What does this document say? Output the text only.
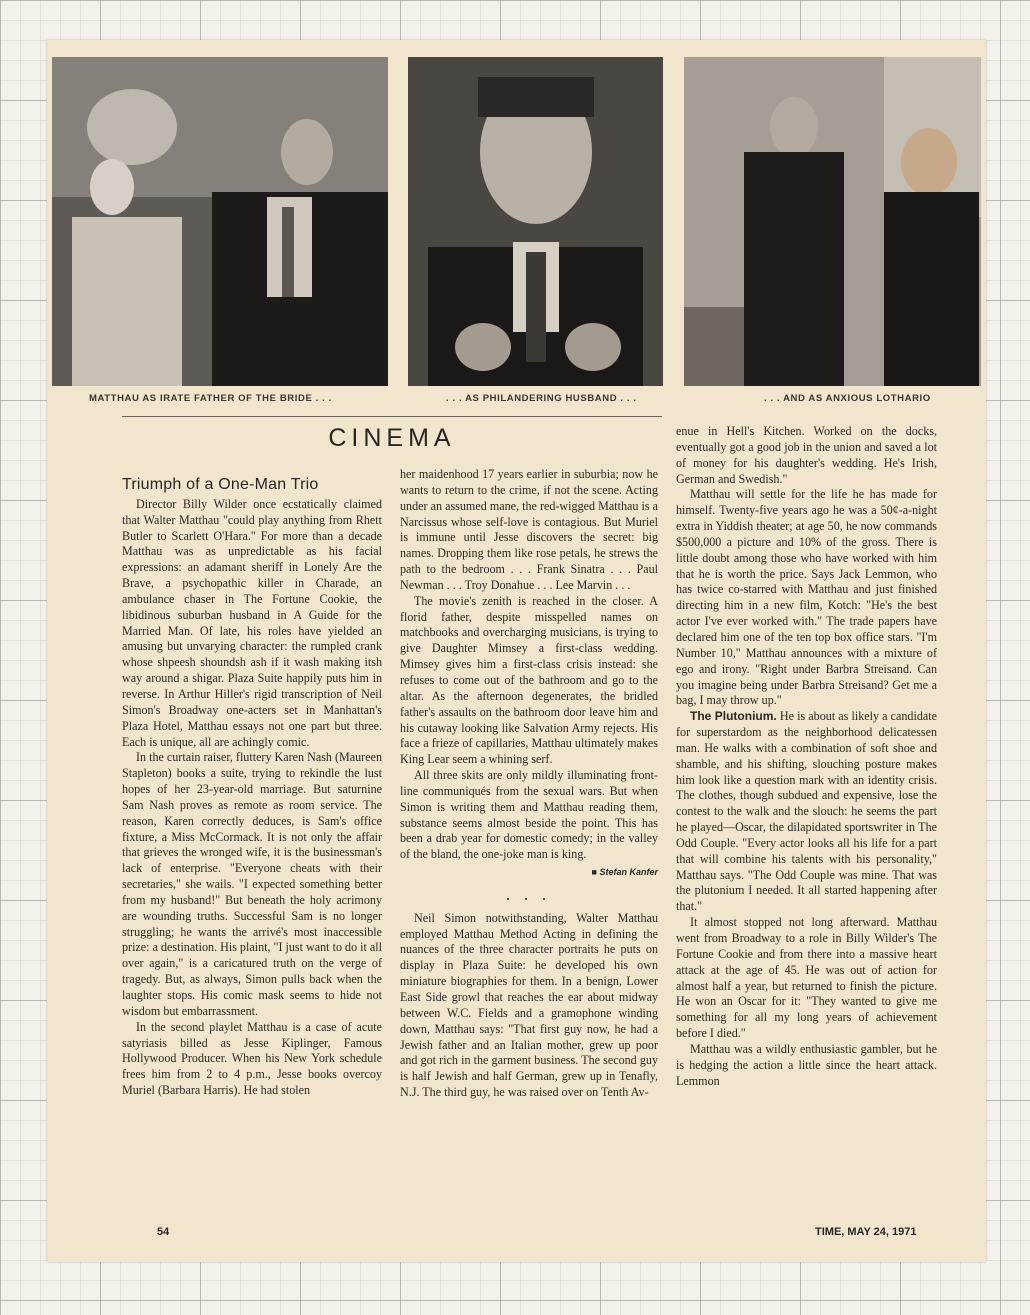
MATTHAU AS IRATE FATHER OF THE BRIDE . . .	. . . AS PHILANDERING HUSBAND . . .	. . . AND AS ANXIOUS LOTHARIO
CINEMA
Triumph of a One-Man Trio

Director Billy Wilder once ecstatically claimed that Walter Matthau "could play anything from Rhett Butler to Scarlett O'Hara." For more than a decade Matthau was as unpredictable as his facial expressions: an adamant sheriff in Lonely Are the Brave, a psychopathic killer in Charade, an ambulance chaser in The Fortune Cookie, the libidinous suburban husband in A Guide for the Married Man. Of late, his roles have yielded an amusing but unvarying character: the rumpled crank whose shpeesh shoundsh ash if it wash making itsh way around a shigar. Plaza Suite happily puts him in reverse. In Arthur Hiller's rigid transcription of Neil Simon's Broadway one-acters set in Manhattan's Plaza Hotel, Matthau essays not one part but three. Each is unique, all are achingly comic.

In the curtain raiser, fluttery Karen Nash (Maureen Stapleton) books a suite, trying to rekindle the lust hopes of her 23-year-old marriage. But saturnine Sam Nash proves as remote as room service. The reason, Karen correctly deduces, is Sam's office fixture, a Miss McCormack. It is not only the affair that grieves the wronged wife, it is the businessman's lack of enterprise. "Everyone cheats with their secretaries," she wails. "I expected something better from my husband!" But beneath the holy acrimony are wounding truths. Successful Sam is no longer struggling; he wants the arrivé's most inaccessible prize: a destination. His plaint, "I just want to do it all over again," is a caricatured truth on the verge of tragedy. But, as always, Simon pulls back when the laughter stops. His comic mask seems to hide not wisdom but embarrassment.

In the second playlet Matthau is a case of acute satyriasis billed as Jesse Kiplinger, Famous Hollywood Producer. When his New York schedule frees him from 2 to 4 p.m., Jesse books overcoy Muriel (Barbara Harris). He had stolen

her maidenhood 17 years earlier in suburbia; now he wants to return to the crime, if not the scene. Acting under an assumed mane, the red-wigged Matthau is a Narcissus whose self-love is contagious. But Muriel is immune until Jesse discovers the secret: big names. Dropping them like rose petals, he strews the path to the bedroom . . . Frank Sinatra . . . Paul Newman . . . Troy Donahue . . . Lee Marvin . . .

The movie's zenith is reached in the closer. A florid father, despite misspelled names on matchbooks and overcharging musicians, is trying to give Daughter Mimsey a first-class wedding. Mimsey gives him a first-class crisis instead: she refuses to come out of the bathroom and go to the altar. As the afternoon degenerates, the bridled father's assaults on the bathroom door leave him and his cutaway looking like Salvation Army rejects. His face a frieze of capillaries, Matthau ultimately makes King Lear seem a whining serf.

All three skits are only mildly illuminating front-line communiqués from the sexual wars. But when Simon is writing them and Matthau reading them, substance seems almost beside the point. This has been a drab year for domestic comedy; in the valley of the bland, the one-joke man is king.

■ Stefan Kanfer
. . .

Neil Simon notwithstanding, Walter Matthau employed Matthau Method Acting in defining the nuances of the three character portraits he puts on display in Plaza Suite: he developed his own miniature biographies for them. In a benign, Lower East Side growl that reaches the ear about midway between W.C. Fields and a gramophone winding down, Matthau says: "That first guy now, he had a Jewish father and an Italian mother, grew up poor and got rich in the garment business. The second guy is half Jewish and half German, grew up in Tenafly, N.J. The third guy, he was raised over on Tenth Av-

enue in Hell's Kitchen. Worked on the docks, eventually got a good job in the union and saved a lot of money for his daughter's wedding. He's Irish, German and Swedish."

Matthau will settle for the life he has made for himself. Twenty-five years ago he was a 50¢-a-night extra in Yiddish theater; at age 50, he now commands $500,000 a picture and 10% of the gross. There is little doubt among those who have worked with him that he is worth the price. Says Jack Lemmon, who has twice co-starred with Matthau and just finished directing him in a new film, Kotch: "He's the best actor I've ever worked with." The trade papers have declared him one of the ten top box office stars. "I'm Number 10," Matthau announces with a mixture of ego and irony. "Right under Barbra Streisand. Can you imagine being under Barbra Streisand? Get me a bag, I may throw up."

The Plutonium. He is about as likely a candidate for superstardom as the neighborhood delicatessen man. He walks with a combination of soft shoe and shamble, and his shifting, slouching posture makes him look like a question mark with an identity crisis. The clothes, though subdued and expensive, lose the contest to the walk and the slouch: he seems the part he played—Oscar, the dilapidated sportswriter in The Odd Couple. "Every actor looks all his life for a part that will combine his talents with his personality," Matthau says. "The Odd Couple was mine. That was the plutonium I needed. It all started happening after that."

It almost stopped not long afterward. Matthau went from Broadway to a role in Billy Wilder's The Fortune Cookie and from there into a massive heart attack at the age of 45. He was out of action for almost half a year, but returned to finish the picture. He won an Oscar for it: "They wanted to give me something for all my long years of achievement before I died."

Matthau was a wildly enthusiastic gambler, but he is hedging the action a little since the heart attack. Lemmon

54	TIME, MAY 24, 1971
